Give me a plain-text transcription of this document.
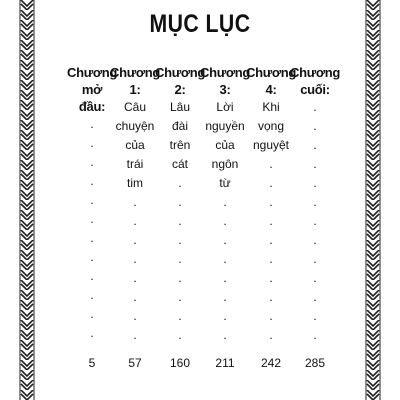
MỤC LỤC
Chương
mở
đầu:
.
.
.
.
.
.
.
.
.
.
.
.
5
Chương
1:
Câu
chuyện
của
trái
tim
.
.
.
.
.
.
.
.
57
Chương
2:
Lâu
đài
trên
cát
.
.
.
.
.
.
.
.
.
160
Chương
3:
Lời
nguyền
của
ngôn
từ
.
.
.
.
.
.
.
.
211
Chương
4:
Khi
vọng
nguyệt
.
.
.
.
.
.
.
.
.
.
242
Chương
cuối:
.
.
.
.
.
.
.
.
.
.
.
.
.
285
